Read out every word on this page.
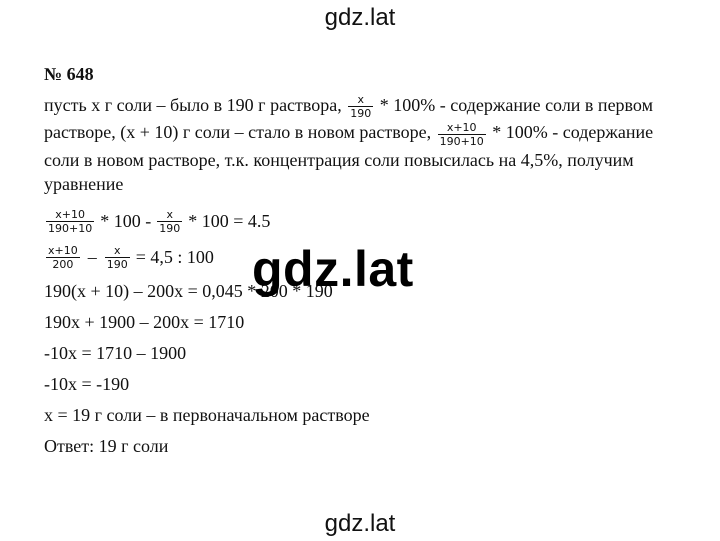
gdz.lat
№ 648
пусть х г соли – было в 190 г раствора, $\frac{x}{190} * 100\%$ - содержание соли в первом растворе, (х + 10) г соли – стало в новом растворе, $\frac{x+10}{190+10} * 100\%$ - содержание соли в новом растворе, т.к. концентрация соли повысилась на 4,5%, получим уравнение
$\frac{x+10}{190+10} * 100 - \frac{x}{190} * 100 = 4.5$
$\frac{x+10}{200} - \frac{x}{190} = 4,5$ : 100
190(х + 10) – 200х = 0,045 * 200 * 190
190х + 1900 – 200х = 1710
-10х = 1710 – 1900
-10х = -190
х = 19 г соли – в первоначальном растворе
Ответ: 19 г соли
gdz.lat
gdz.lat
